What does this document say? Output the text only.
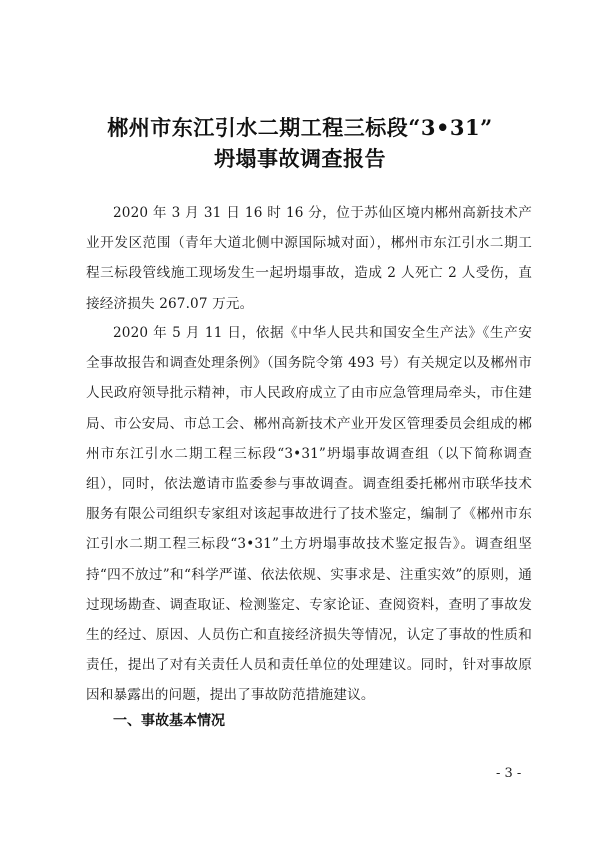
郴州市东江引水二期工程三标段“3•31”
坍塌事故调查报告

2020 年 3 月 31 日 16 时 16 分，位于苏仙区境内郴州高新技术产业开发区范围（青年大道北侧中源国际城对面），郴州市东江引水二期工程三标段管线施工现场发生一起坍塌事故，造成 2 人死亡 2 人受伤，直接经济损失 267.07 万元。

2020 年 5 月 11 日，依据《中华人民共和国安全生产法》《生产安全事故报告和调查处理条例》（国务院令第 493 号）有关规定以及郴州市人民政府领导批示精神，市人民政府成立了由市应急管理局牵头，市住建局、市公安局、市总工会、郴州高新技术产业开发区管理委员会组成的郴州市东江引水二期工程三标段“3•31”坍塌事故调查组（以下简称调查组），同时，依法邀请市监委参与事故调查。调查组委托郴州市联华技术服务有限公司组织专家组对该起事故进行了技术鉴定，编制了《郴州市东江引水二期工程三标段“3•31”土方坍塌事故技术鉴定报告》。调查组坚持“四不放过”和“科学严谨、依法依规、实事求是、注重实效”的原则，通过现场勘查、调查取证、检测鉴定、专家论证、查阅资料，查明了事故发生的经过、原因、人员伤亡和直接经济损失等情况，认定了事故的性质和责任，提出了对有关责任人员和责任单位的处理建议。同时，针对事故原因和暴露出的问题，提出了事故防范措施建议。

一、事故基本情况
- 3 -
